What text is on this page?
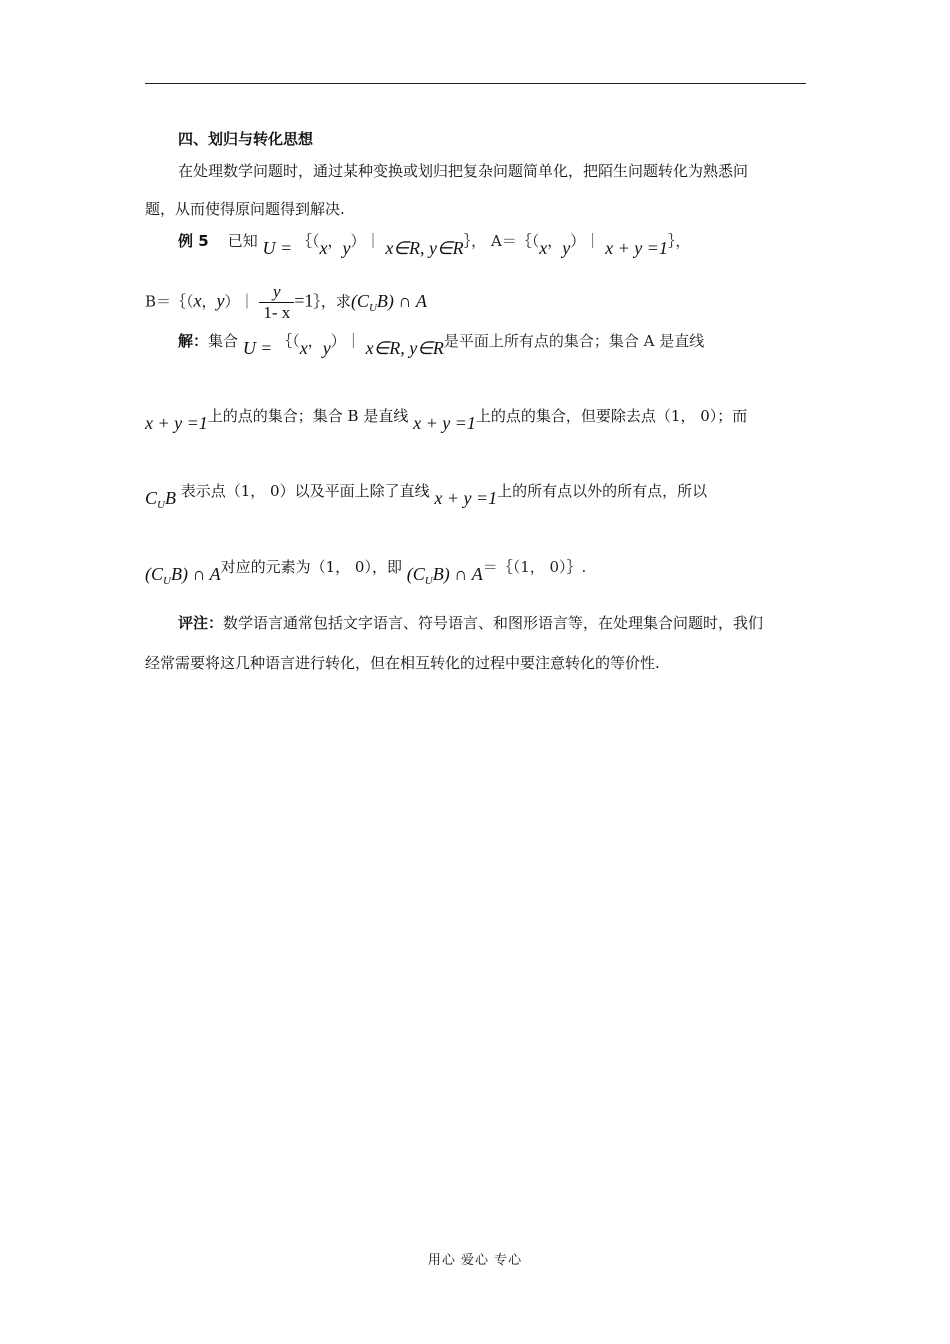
四、划归与转化思想
在处理数学问题时，通过某种变换或划归把复杂问题简单化，把陌生问题转化为熟悉问
题，从而使得原问题得到解决.
例 5 已知 U = ｛（x，y）｜ x∈R, y∈R｝， A＝｛（x，y）｜ x + y =1｝，
B＝｛（x，y）｜ $\frac{y}{1- x}$ =1｝，求$(C_UB)$ ∩ A
解：集合 U = ｛（x，y）｜ x∈R, y∈R是平面上所有点的集合；集合 A 是直线
x + y =1上的点的集合；集合 B 是直线 x + y =1上的点的集合，但要除去点（1， 0）；而
$C_UB$ 表示点（1， 0）以及平面上除了直线 x + y =1上的所有点以外的所有点，所以
$(C_UB)$ ∩ A对应的元素为（1， 0），即 $(C_UB)$ ∩ A＝｛（1， 0）｝.
评注：数学语言通常包括文字语言、符号语言、和图形语言等，在处理集合问题时，我们
经常需要将这几种语言进行转化，但在相互转化的过程中要注意转化的等价性.
用心 爱心 专心
